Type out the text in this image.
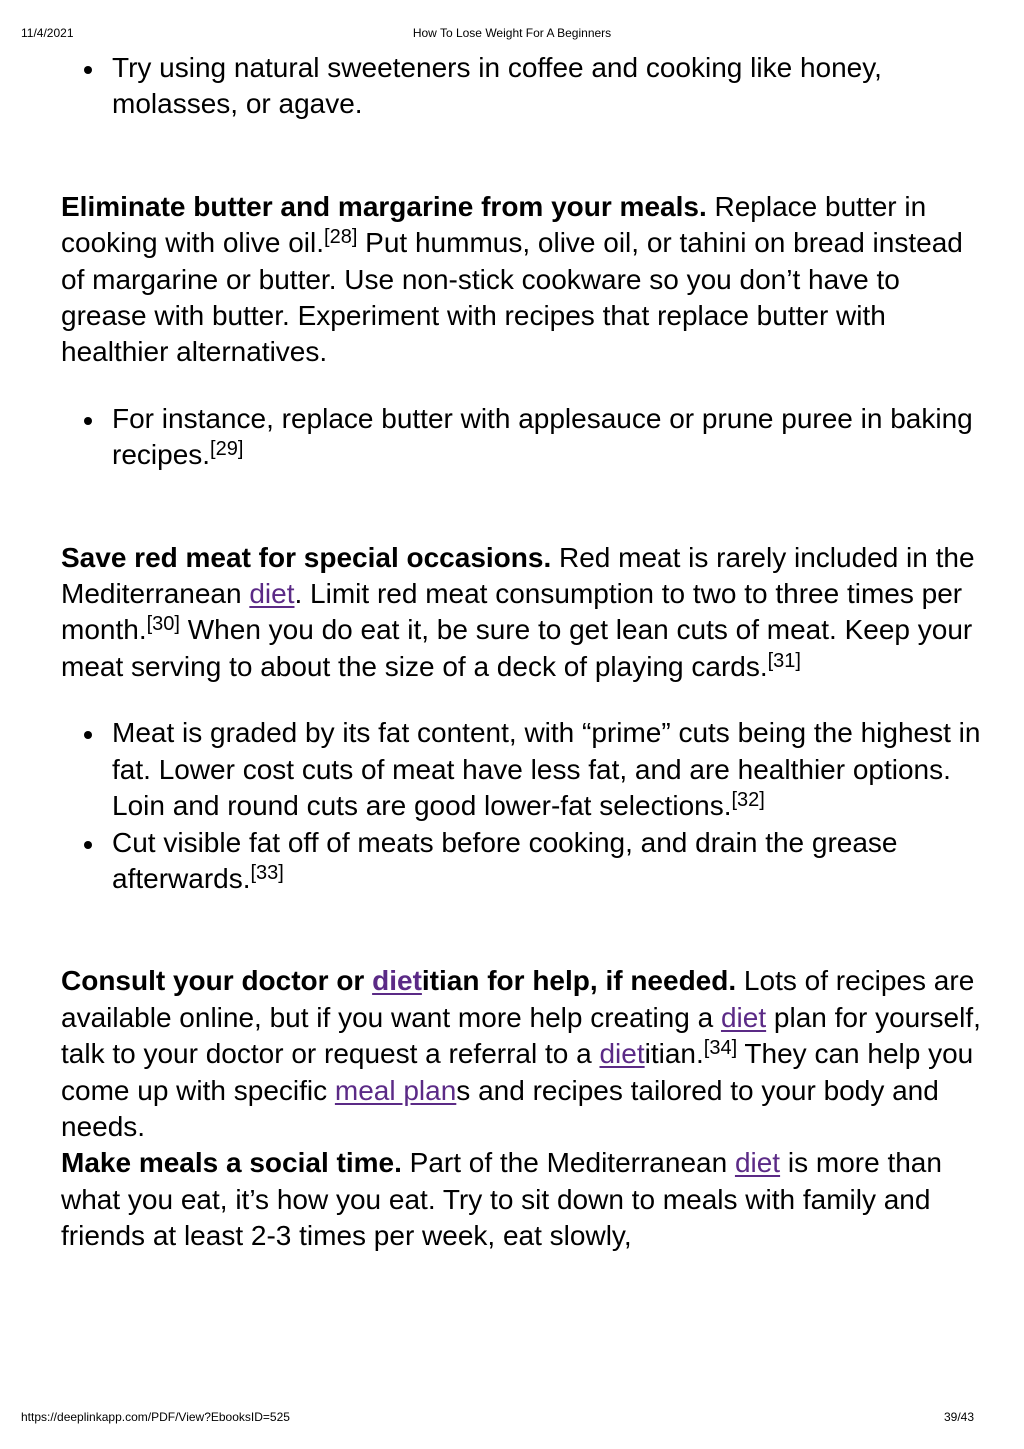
11/4/2021	How To Lose Weight For A Beginners
Try using natural sweeteners in coffee and cooking like honey, molasses, or agave.

Eliminate butter and margarine from your meals. Replace butter in cooking with olive oil.[28] Put hummus, olive oil, or tahini on bread instead of margarine or butter. Use non-stick cookware so you don’t have to grease with butter. Experiment with recipes that replace butter with healthier alternatives.

For instance, replace butter with applesauce or prune puree in baking recipes.[29]

Save red meat for special occasions. Red meat is rarely included in the Mediterranean diet. Limit red meat consumption to two to three times per month.[30] When you do eat it, be sure to get lean cuts of meat. Keep your meat serving to about the size of a deck of playing cards.[31]

Meat is graded by its fat content, with “prime” cuts being the highest in fat. Lower cost cuts of meat have less fat, and are healthier options. Loin and round cuts are good lower-fat selections.[32]
Cut visible fat off of meats before cooking, and drain the grease afterwards.[33]

Consult your doctor or dietitian for help, if needed. Lots of recipes are available online, but if you want more help creating a diet plan for yourself, talk to your doctor or request a referral to a dietitian.[34] They can help you come up with specific meal plans and recipes tailored to your body and needs.

Make meals a social time. Part of the Mediterranean diet is more than what you eat, it’s how you eat. Try to sit down to meals with family and friends at least 2-3 times per week, eat slowly,

https://deeplinkapp.com/PDF/View?EbooksID=525	39/43
